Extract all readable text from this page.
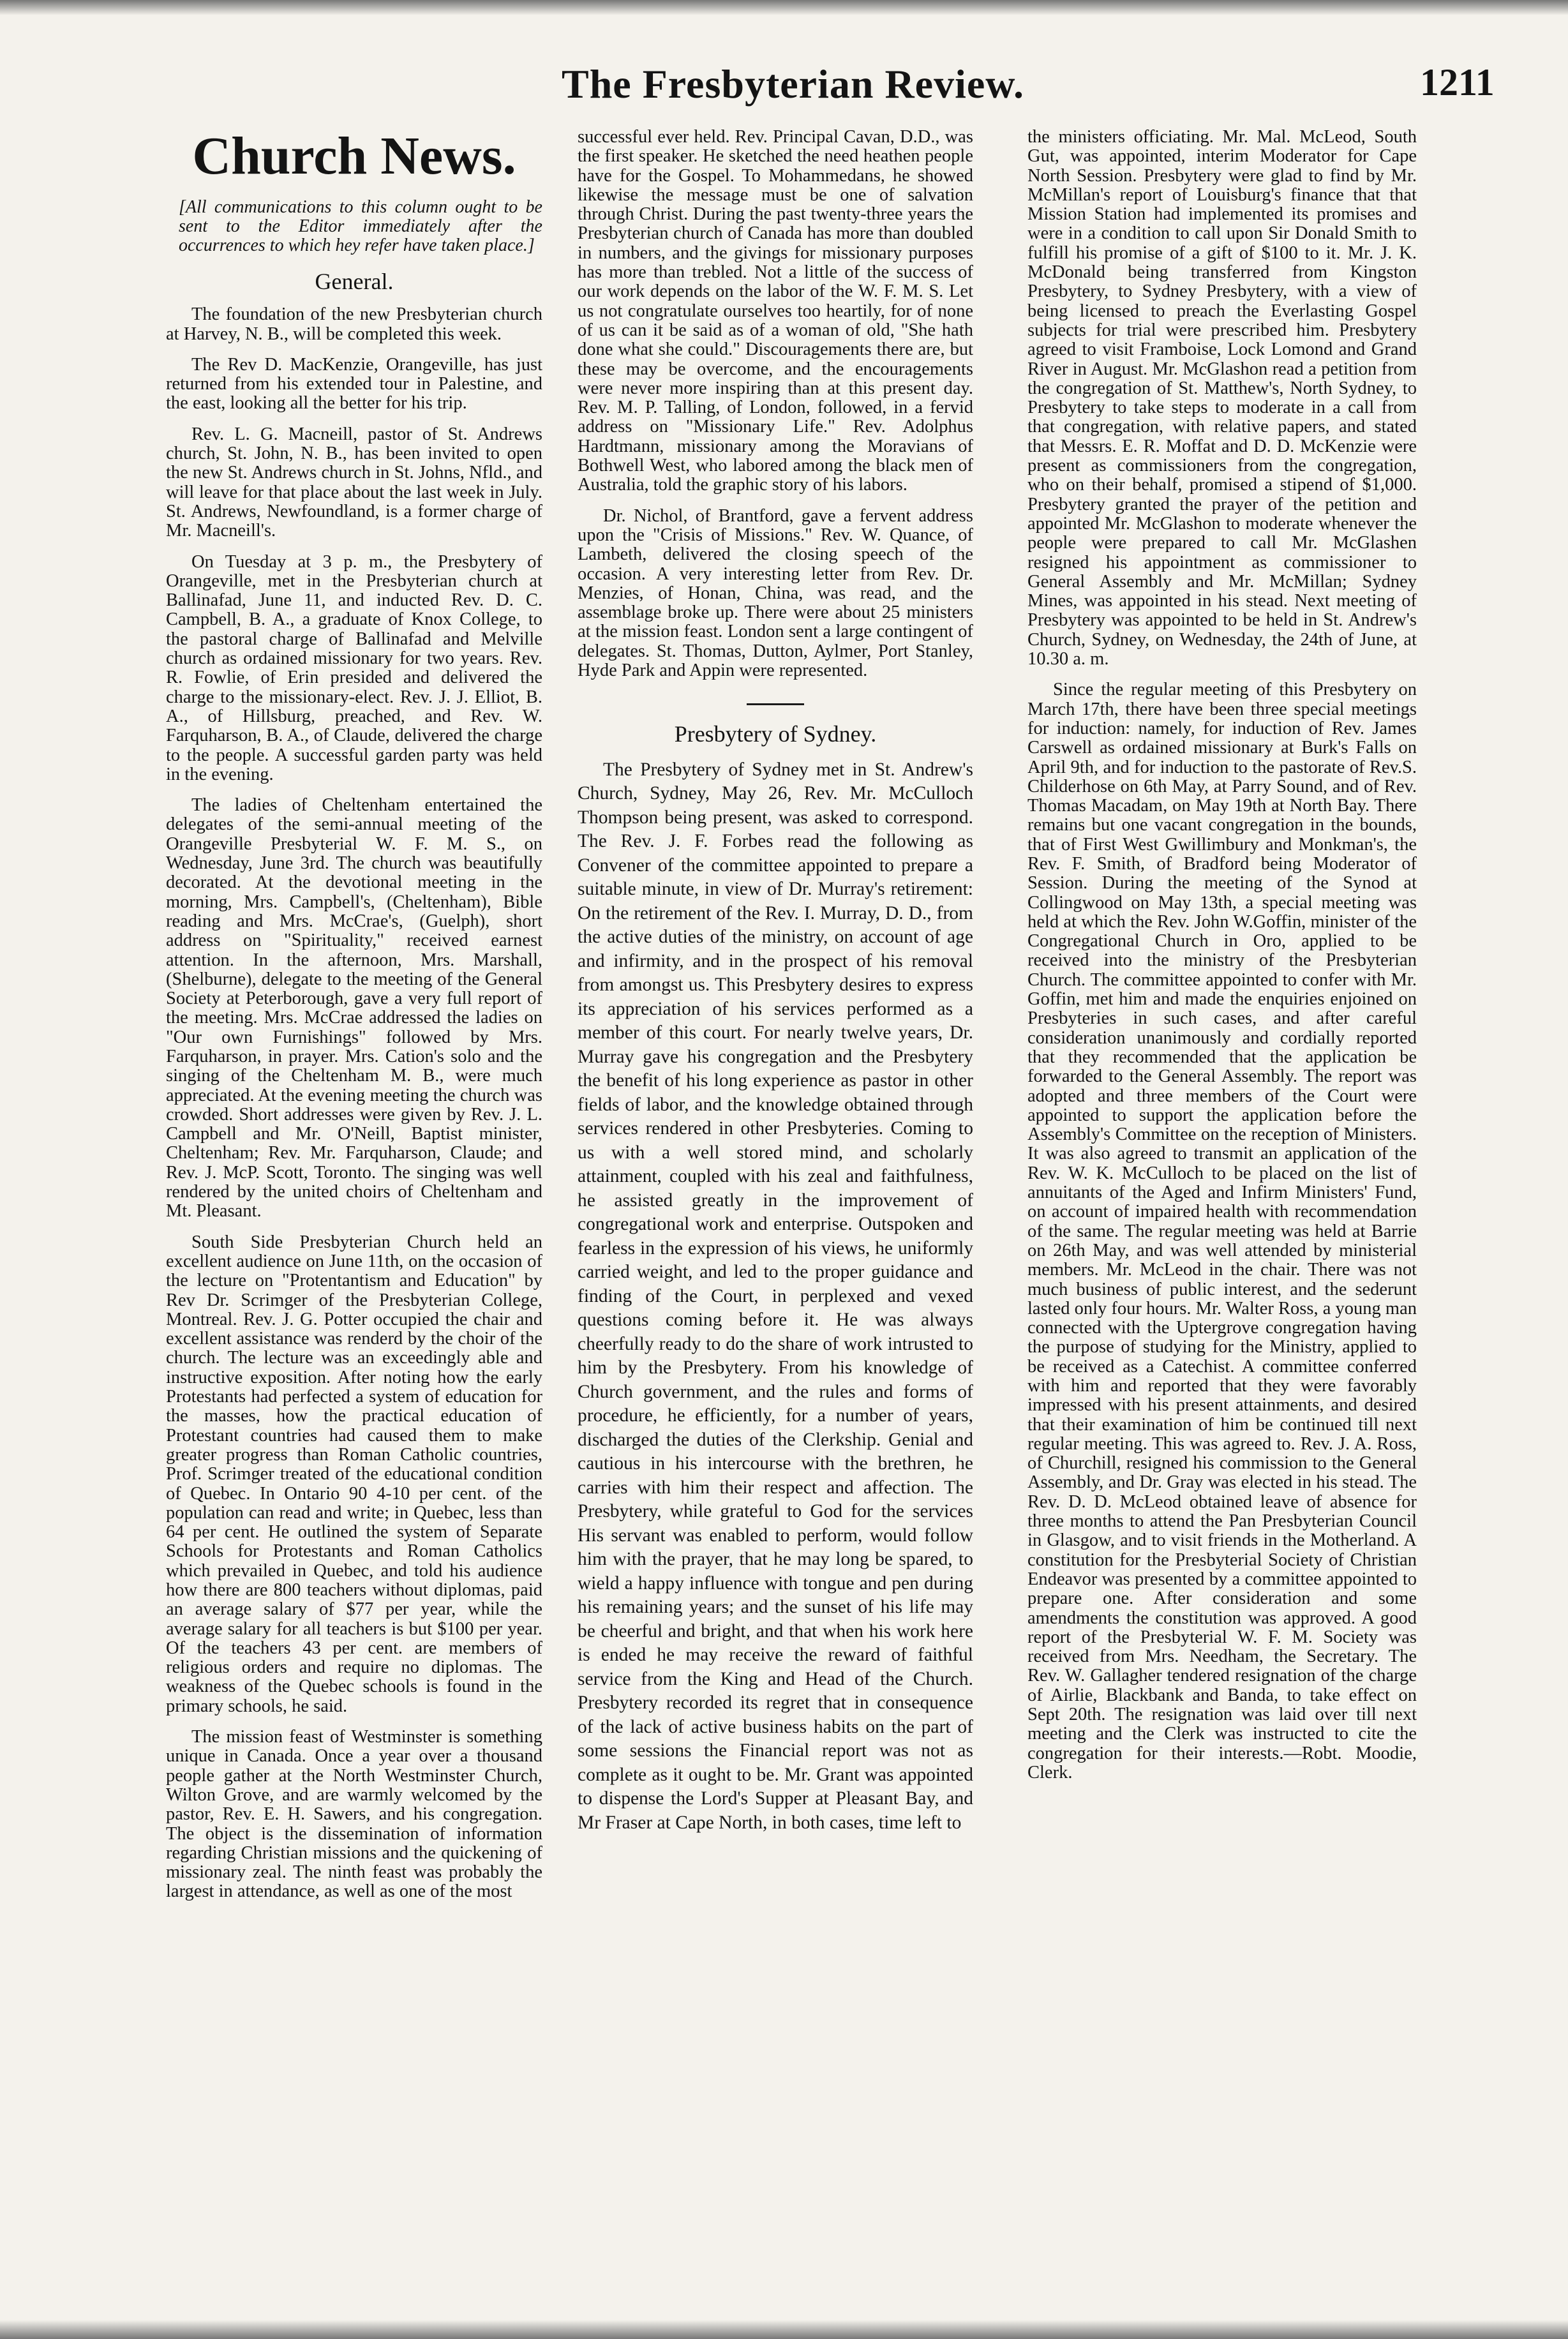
The Fresbyterian Review.	1211
Church News.
[All communications to this column ought to be sent to the Editor immediately after the occurrences to which hey refer have taken place.]
General.

The foundation of the new Presbyterian church at Harvey, N. B., will be completed this week.

The Rev D. MacKenzie, Orangeville, has just returned from his extended tour in Palestine, and the east, looking all the better for his trip.

Rev. L. G. Macneill, pastor of St. Andrews church, St. John, N. B., has been invited to open the new St. Andrews church in St. Johns, Nfld., and will leave for that place about the last week in July. St. Andrews, Newfoundland, is a former charge of Mr. Macneill's.

On Tuesday at 3 p. m., the Presbytery of Orangeville, met in the Presbyterian church at Ballinafad, June 11, and inducted Rev. D. C. Campbell, B. A., a graduate of Knox College, to the pastoral charge of Ballinafad and Melville church as ordained missionary for two years. Rev. R. Fowlie, of Erin presided and delivered the charge to the missionary-elect. Rev. J. J. Elliot, B. A., of Hillsburg, preached, and Rev. W. Farquharson, B. A., of Claude, delivered the charge to the people. A successful garden party was held in the evening.

The ladies of Cheltenham entertained the delegates of the semi-annual meeting of the Orangeville Presbyterial W. F. M. S., on Wednesday, June 3rd. The church was beautifully decorated. At the devotional meeting in the morning, Mrs. Campbell's, (Cheltenham), Bible reading and Mrs. McCrae's, (Guelph), short address on "Spirituality," received earnest attention. In the afternoon, Mrs. Marshall, (Shelburne), delegate to the meeting of the General Society at Peterborough, gave a very full report of the meeting. Mrs. McCrae addressed the ladies on "Our own Furnishings" followed by Mrs. Farquharson, in prayer. Mrs. Cation's solo and the singing of the Cheltenham M. B., were much appreciated. At the evening meeting the church was crowded. Short addresses were given by Rev. J. L. Campbell and Mr. O'Neill, Baptist minister, Cheltenham; Rev. Mr. Farquharson, Claude; and Rev. J. McP. Scott, Toronto. The singing was well rendered by the united choirs of Cheltenham and Mt. Pleasant.

South Side Presbyterian Church held an excellent audience on June 11th, on the occasion of the lecture on "Protentantism and Education" by Rev Dr. Scrimger of the Presbyterian College, Montreal. Rev. J. G. Potter occupied the chair and excellent assistance was renderd by the choir of the church. The lecture was an exceedingly able and instructive exposition. After noting how the early Protestants had perfected a system of education for the masses, how the practical education of Protestant countries had caused them to make greater progress than Roman Catholic countries, Prof. Scrimger treated of the educational condition of Quebec. In Ontario 90 4-10 per cent. of the population can read and write; in Quebec, less than 64 per cent. He outlined the system of Separate Schools for Protestants and Roman Catholics which prevailed in Quebec, and told his audience how there are 800 teachers without diplomas, paid an average salary of $77 per year, while the average salary for all teachers is but $100 per year. Of the teachers 43 per cent. are members of religious orders and require no diplomas. The weakness of the Quebec schools is found in the primary schools, he said.

The mission feast of Westminster is something unique in Canada. Once a year over a thousand people gather at the North Westminster Church, Wilton Grove, and are warmly welcomed by the pastor, Rev. E. H. Sawers, and his congregation. The object is the dissemination of information regarding Christian missions and the quickening of missionary zeal. The ninth feast was probably the largest in attendance, as well as one of the most

successful ever held. Rev. Principal Cavan, D.D., was the first speaker. He sketched the need heathen people have for the Gospel. To Mohammedans, he showed likewise the message must be one of salvation through Christ. During the past twenty-three years the Presbyterian church of Canada has more than doubled in numbers, and the givings for missionary purposes has more than trebled. Not a little of the success of our work depends on the labor of the W. F. M. S. Let us not congratulate ourselves too heartily, for of none of us can it be said as of a woman of old, "She hath done what she could." Discouragements there are, but these may be overcome, and the encouragements were never more inspiring than at this present day. Rev. M. P. Talling, of London, followed, in a fervid address on "Missionary Life." Rev. Adolphus Hardtmann, missionary among the Moravians of Bothwell West, who labored among the black men of Australia, told the graphic story of his labors.

Dr. Nichol, of Brantford, gave a fervent address upon the "Crisis of Missions." Rev. W. Quance, of Lambeth, delivered the closing speech of the occasion. A very interesting letter from Rev. Dr. Menzies, of Honan, China, was read, and the assemblage broke up. There were about 25 ministers at the mission feast. London sent a large contingent of delegates. St. Thomas, Dutton, Aylmer, Port Stanley, Hyde Park and Appin were represented.

Presbytery of Sydney.

The Presbytery of Sydney met in St. Andrew's Church, Sydney, May 26, Rev. Mr. McCulloch Thompson being present, was asked to correspond. The Rev. J. F. Forbes read the following as Convener of the committee appointed to prepare a suitable minute, in view of Dr. Murray's retirement: On the retirement of the Rev. I. Murray, D. D., from the active duties of the ministry, on account of age and infirmity, and in the prospect of his removal from amongst us. This Presbytery desires to express its appreciation of his services performed as a member of this court. For nearly twelve years, Dr. Murray gave his congregation and the Presbytery the benefit of his long experience as pastor in other fields of labor, and the knowledge obtained through services rendered in other Presbyteries. Coming to us with a well stored mind, and scholarly attainment, coupled with his zeal and faithfulness, he assisted greatly in the improvement of congregational work and enterprise. Outspoken and fearless in the expression of his views, he uniformly carried weight, and led to the proper guidance and finding of the Court, in perplexed and vexed questions coming before it. He was always cheerfully ready to do the share of work intrusted to him by the Presbytery. From his knowledge of Church government, and the rules and forms of procedure, he efficiently, for a number of years, discharged the duties of the Clerkship. Genial and cautious in his intercourse with the brethren, he carries with him their respect and affection. The Presbytery, while grateful to God for the services His servant was enabled to perform, would follow him with the prayer, that he may long be spared, to wield a happy influence with tongue and pen during his remaining years; and the sunset of his life may be cheerful and bright, and that when his work here is ended he may receive the reward of faithful service from the King and Head of the Church. Presbytery recorded its regret that in consequence of the lack of active business habits on the part of some sessions the Financial report was not as complete as it ought to be. Mr. Grant was appointed to dispense the Lord's Supper at Pleasant Bay, and Mr Fraser at Cape North, in both cases, time left to

the ministers officiating. Mr. Mal. McLeod, South Gut, was appointed, interim Moderator for Cape North Session. Presbytery were glad to find by Mr. McMillan's report of Louisburg's finance that that Mission Station had implemented its promises and were in a condition to call upon Sir Donald Smith to fulfill his promise of a gift of $100 to it. Mr. J. K. McDonald being transferred from Kingston Presbytery, to Sydney Presbytery, with a view of being licensed to preach the Everlasting Gospel subjects for trial were prescribed him. Presbytery agreed to visit Framboise, Lock Lomond and Grand River in August. Mr. McGlashon read a petition from the congregation of St. Matthew's, North Sydney, to Presbytery to take steps to moderate in a call from that congregation, with relative papers, and stated that Messrs. E. R. Moffat and D. D. McKenzie were present as commissioners from the congregation, who on their behalf, promised a stipend of $1,000. Presbytery granted the prayer of the petition and appointed Mr. McGlashon to moderate whenever the people were prepared to call Mr. McGlashen resigned his appointment as commissioner to General Assembly and Mr. McMillan; Sydney Mines, was appointed in his stead. Next meeting of Presbytery was appointed to be held in St. Andrew's Church, Sydney, on Wednesday, the 24th of June, at 10.30 a. m.

Since the regular meeting of this Presbytery on March 17th, there have been three special meetings for induction: namely, for induction of Rev. James Carswell as ordained missionary at Burk's Falls on April 9th, and for induction to the pastorate of Rev.S. Childerhose on 6th May, at Parry Sound, and of Rev. Thomas Macadam, on May 19th at North Bay. There remains but one vacant congregation in the bounds, that of First West Gwillimbury and Monkman's, the Rev. F. Smith, of Bradford being Moderator of Session. During the meeting of the Synod at Collingwood on May 13th, a special meeting was held at which the Rev. John W.Goffin, minister of the Congregational Church in Oro, applied to be received into the ministry of the Presbyterian Church. The committee appointed to confer with Mr. Goffin, met him and made the enquiries enjoined on Presbyteries in such cases, and after careful consideration unanimously and cordially reported that they recommended that the application be forwarded to the General Assembly. The report was adopted and three members of the Court were appointed to support the application before the Assembly's Committee on the reception of Ministers. It was also agreed to transmit an application of the Rev. W. K. McCulloch to be placed on the list of annuitants of the Aged and Infirm Ministers' Fund, on account of impaired health with recommendation of the same. The regular meeting was held at Barrie on 26th May, and was well attended by ministerial members. Mr. McLeod in the chair. There was not much business of public interest, and the sederunt lasted only four hours. Mr. Walter Ross, a young man connected with the Uptergrove congregation having the purpose of studying for the Ministry, applied to be received as a Catechist. A committee conferred with him and reported that they were favorably impressed with his present attainments, and desired that their examination of him be continued till next regular meeting. This was agreed to. Rev. J. A. Ross, of Churchill, resigned his commission to the General Assembly, and Dr. Gray was elected in his stead. The Rev. D. D. McLeod obtained leave of absence for three months to attend the Pan Presbyterian Council in Glasgow, and to visit friends in the Motherland. A constitution for the Presbyterial Society of Christian Endeavor was presented by a committee appointed to prepare one. After consideration and some amendments the constitution was approved. A good report of the Presbyterial W. F. M. Society was received from Mrs. Needham, the Secretary. The Rev. W. Gallagher tendered resignation of the charge of Airlie, Blackbank and Banda, to take effect on Sept 20th. The resignation was laid over till next meeting and the Clerk was instructed to cite the congregation for their interests.—Robt. Moodie, Clerk.
